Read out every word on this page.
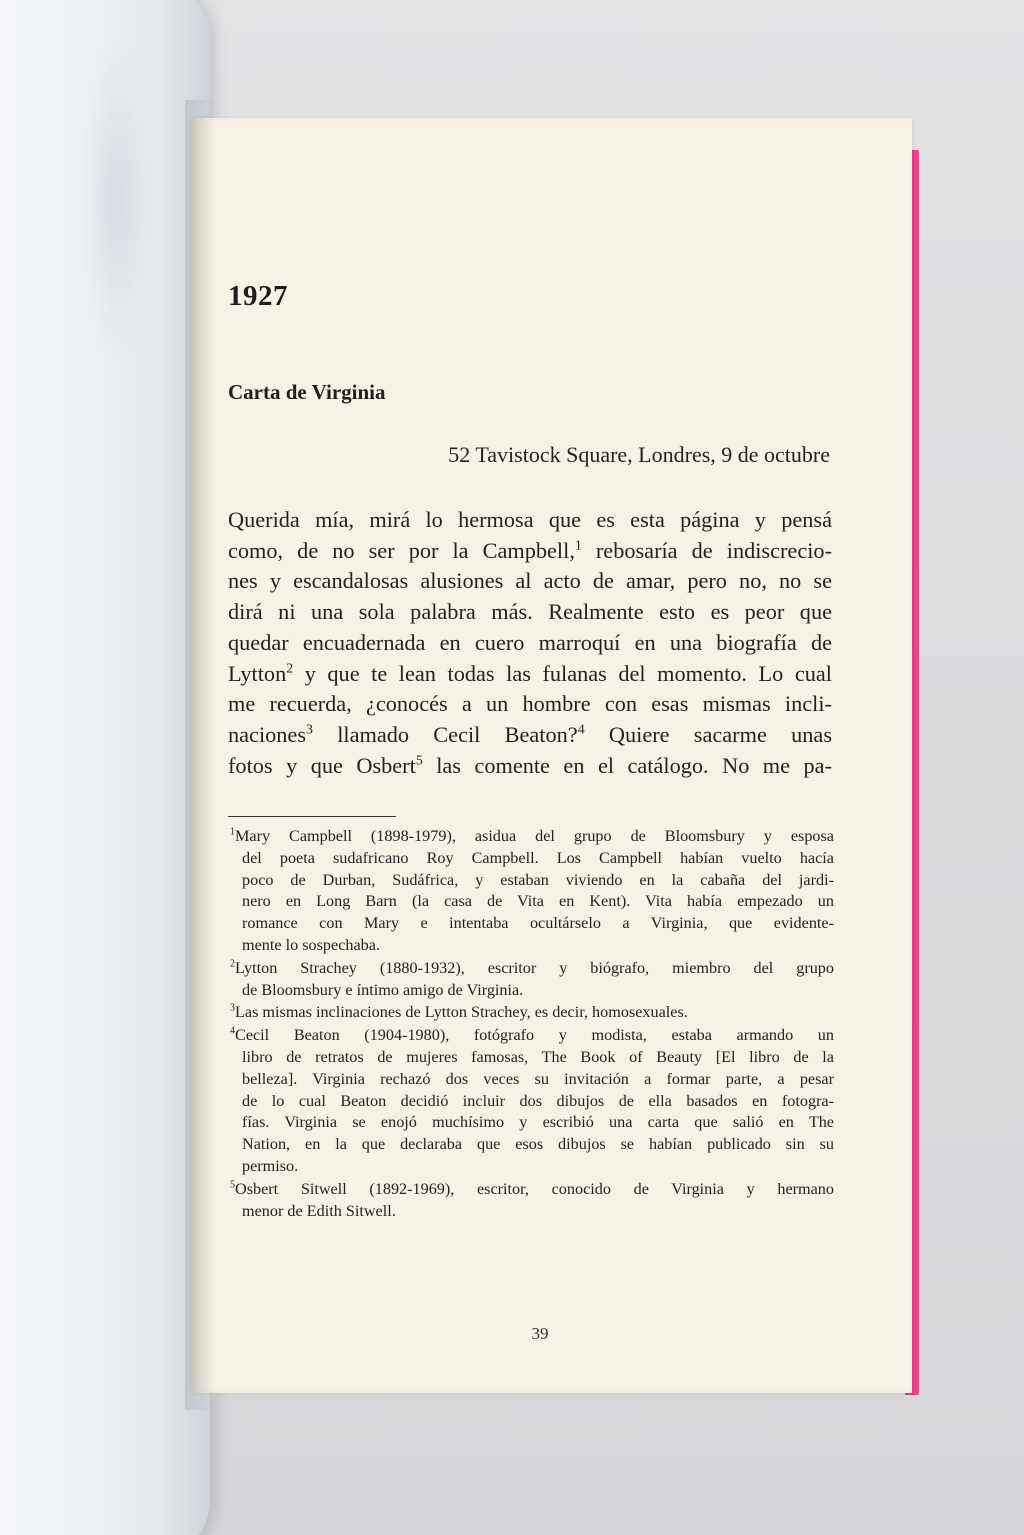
1927
Carta de Virginia

52 Tavistock Square, Londres, 9 de octubre

Querida mía, mirá lo hermosa que es esta página y pensá
como, de no ser por la Campbell,$^1$ rebosaría de indiscrecio-
nes y escandalosas alusiones al acto de amar, pero no, no se
dirá ni una sola palabra más. Realmente esto es peor que
quedar encuadernada en cuero marroquí en una biografía de
Lytton$^2$ y que te lean todas las fulanas del momento. Lo cual
me recuerda, ¿conocés a un hombre con esas mismas incli-
naciones$^3$ llamado Cecil Beaton?$^4$ Quiere sacarme unas
fotos y que Osbert$^5$ las comente en el catálogo. No me pa-
$^1$Mary Campbell (1898-1979), asidua del grupo de Bloomsbury y esposa
del poeta sudafricano Roy Campbell. Los Campbell habían vuelto hacía
poco de Durban, Sudáfrica, y estaban viviendo en la cabaña del jardi-
nero en Long Barn (la casa de Vita en Kent). Vita había empezado un
romance con Mary e intentaba ocultárselo a Virginia, que evidente-
mente lo sospechaba.
$^2$Lytton Strachey (1880-1932), escritor y biógrafo, miembro del grupo
de Bloomsbury e íntimo amigo de Virginia.
$^3$Las mismas inclinaciones de Lytton Strachey, es decir, homosexuales.
$^4$Cecil Beaton (1904-1980), fotógrafo y modista, estaba armando un
libro de retratos de mujeres famosas, The Book of Beauty [El libro de la
belleza]. Virginia rechazó dos veces su invitación a formar parte, a pesar
de lo cual Beaton decidió incluir dos dibujos de ella basados en fotogra-
fías. Virginia se enojó muchísimo y escribió una carta que salió en The
Nation, en la que declaraba que esos dibujos se habían publicado sin su
permiso.
$^5$Osbert Sitwell (1892-1969), escritor, conocido de Virginia y hermano
menor de Edith Sitwell.

39
